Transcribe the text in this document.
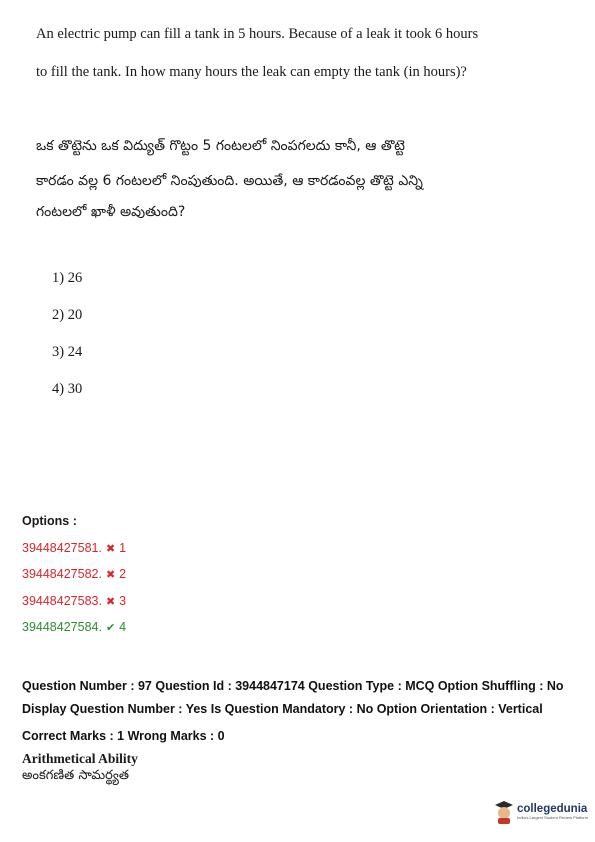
An electric pump can fill a tank in 5 hours. Because of a leak it took 6 hours
to fill the tank. In how many hours the leak can empty the tank (in hours)?
ఒక తొట్టెను ఒక విద్యుత్ గొట్టం 5 గంటలలో నింపగలదు కానీ, ఆ తొట్టె
కారడం వల్ల 6 గంటలలో నింపుతుంది. అయితే, ఆ కారడంవల్ల తొట్టె ఎన్ని
గంటలలో ఖాళీ అవుతుంది?
1) 26
2) 20
3) 24
4) 30
Options :
39448427581. ✖ 1
39448427582. ✖ 2
39448427583. ✖ 3
39448427584. ✔ 4
Question Number : 97 Question Id : 3944847174 Question Type : MCQ Option Shuffling : No
Display Question Number : Yes Is Question Mandatory : No Option Orientation : Vertical
Correct Marks : 1 Wrong Marks : 0
Arithmetical Ability
అంకగణిత సామర్థ్యత
collegedunia
India's Largest Student Review Platform
